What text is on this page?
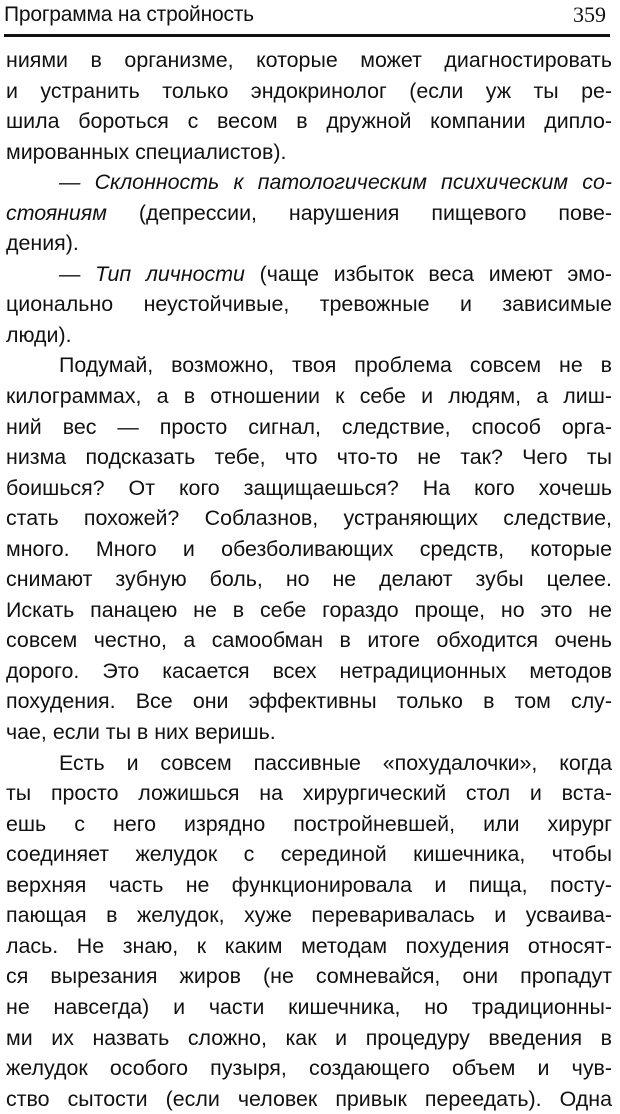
Программа на стройность	359
ниями в организме, которые может диагностировать
и устранить только эндокринолог (если уж ты ре-
шила бороться с весом в дружной компании дипло-
мированных специалистов).
— Склонность к патологическим психическим со-
стояниям (депрессии, нарушения пищевого пове-
дения).
— Тип личности (чаще избыток веса имеют эмо-
ционально неустойчивые, тревожные и зависимые
люди).
Подумай, возможно, твоя проблема совсем не в
килограммах, а в отношении к себе и людям, а лиш-
ний вес — просто сигнал, следствие, способ орга-
низма подсказать тебе, что что-то не так? Чего ты
боишься? От кого защищаешься? На кого хочешь
стать похожей? Соблазнов, устраняющих следствие,
много. Много и обезболивающих средств, которые
снимают зубную боль, но не делают зубы целее.
Искать панацею не в себе гораздо проще, но это не
совсем честно, а самообман в итоге обходится очень
дорого. Это касается всех нетрадиционных методов
похудения. Все они эффективны только в том слу-
чае, если ты в них веришь.
Есть и совсем пассивные «похудалочки», когда
ты просто ложишься на хирургический стол и вста-
ешь с него изрядно постройневшей, или хирург
соединяет желудок с серединой кишечника, чтобы
верхняя часть не функционировала и пища, посту-
пающая в желудок, хуже переваривалась и усваива-
лась. Не знаю, к каким методам похудения относят-
ся вырезания жиров (не сомневайся, они пропадут
не навсегда) и части кишечника, но традиционны-
ми их назвать сложно, как и процедуру введения в
желудок особого пузыря, создающего объем и чув-
ство сытости (если человек привык переедать). Одна
